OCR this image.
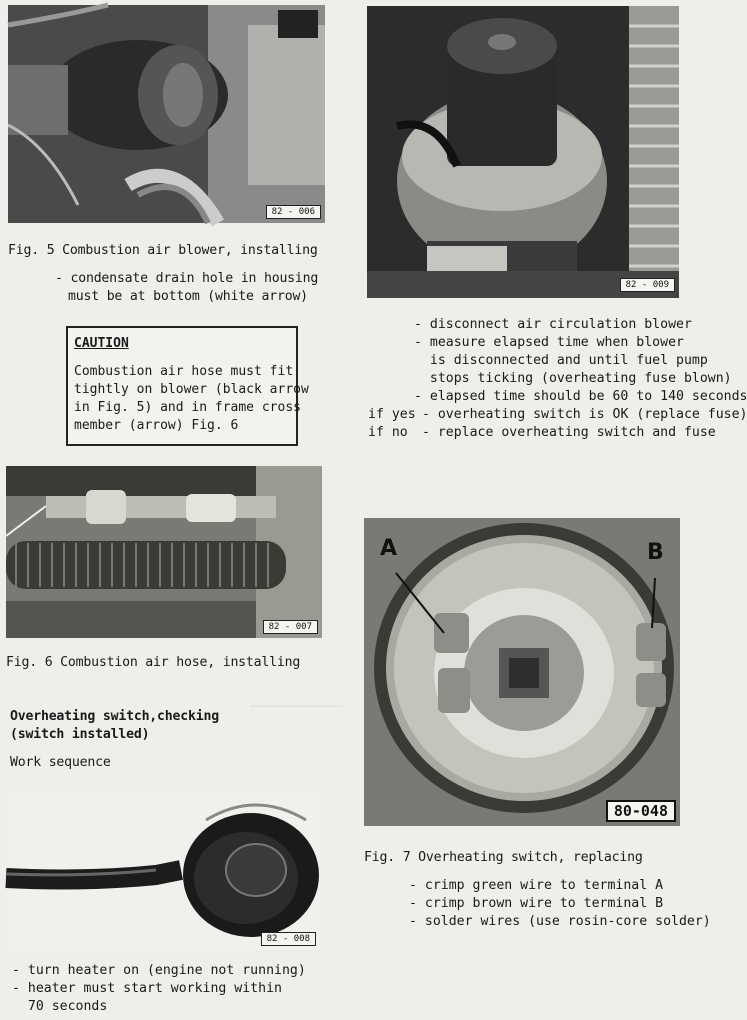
82 - 006
Fig. 5 Combustion air blower, installing
- condensate drain hole in housing
must be at bottom (white arrow)
CAUTION
Combustion air hose must fit
tightly on blower (black arrow
in Fig. 5) and in frame cross
member (arrow) Fig. 6
82 - 007
Fig. 6 Combustion air hose, installing
Overheating switch,checking
(switch installed)
Work sequence
──────────────
82 - 008
- turn heater on (engine not running)
- heater must start working within
70 seconds
82 - 009
- disconnect air circulation blower
- measure elapsed time when blower
is disconnected and until fuel pump
stops ticking (overheating fuse blown)
- elapsed time should be 60 to 140 seconds
if yes - overheating switch is OK (replace fuse)
if no - replace overheating switch and fuse
A	B
80-048
Fig. 7 Overheating switch, replacing
- crimp green wire to terminal A
- crimp brown wire to terminal B
- solder wires (use rosin-core solder)
